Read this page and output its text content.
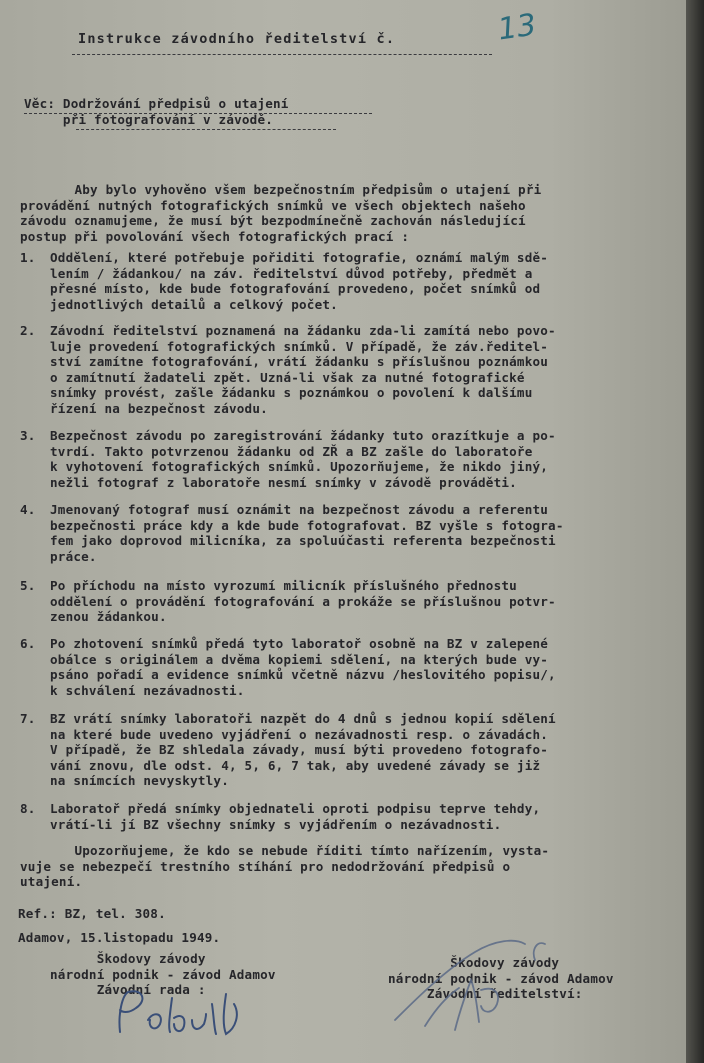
Instrukce závodního ředitelství č.	13
Věc: Dodržování předpisů o utajení
při fotografování v závodě.
Aby bylo vyhověno všem bezpečnostním předpisům o utajení při
provádění nutných fotografických snímků ve všech objektech našeho
závodu oznamujeme, že musí být bezpodmínečně zachován následující
postup při povolování všech fotografických prací :
1. Oddělení, které potřebuje pořiditi fotografie, oznámí malým sdě-
lením / žádankou/ na záv. ředitelství důvod potřeby, předmět a
přesné místo, kde bude fotografování provedeno, počet snímků od
jednotlivých detailů a celkový počet.
2. Závodní ředitelství poznamená na žádanku zda-li zamítá nebo povo-
luje provedení fotografických snímků. V případě, že záv.ředitel-
ství zamítne fotografování, vrátí žádanku s příslušnou poznámkou
o zamítnutí žadateli zpět. Uzná-li však za nutné fotografické
snímky provést, zašle žádanku s poznámkou o povolení k dalšímu
řízení na bezpečnost závodu.
3. Bezpečnost závodu po zaregistrování žádanky tuto orazítkuje a po-
tvrdí. Takto potvrzenou žádanku od ZŘ a BZ zašle do laboratoře
k vyhotovení fotografických snímků. Upozorňujeme, že nikdo jiný,
nežli fotograf z laboratoře nesmí snímky v závodě prováděti.
4. Jmenovaný fotograf musí oznámit na bezpečnost závodu a referentu
bezpečnosti práce kdy a kde bude fotografovat. BZ vyšle s fotogra-
fem jako doprovod milicníka, za spoluúčasti referenta bezpečnosti
práce.
5. Po příchodu na místo vyrozumí milicník příslušného přednostu
oddělení o provádění fotografování a prokáže se příslušnou potvr-
zenou žádankou.
6. Po zhotovení snímků předá tyto laboratoř osobně na BZ v zalepené
obálce s originálem a dvěma kopiemi sdělení, na kterých bude vy-
psáno pořadí a evidence snímků včetně názvu /heslovitého popisu/,
k schválení nezávadnosti.
7. BZ vrátí snímky laboratoři nazpět do 4 dnů s jednou kopií sdělení
na které bude uvedeno vyjádření o nezávadnosti resp. o závadách.
V případě, že BZ shledala závady, musí býti provedeno fotografo-
vání znovu, dle odst. 4, 5, 6, 7 tak, aby uvedené závady se již
na snímcích nevyskytly.
8. Laboratoř předá snímky objednateli oproti podpisu teprve tehdy,
vrátí-li jí BZ všechny snímky s vyjádřením o nezávadnosti.
Upozorňujeme, že kdo se nebude říditi tímto nařízením, vysta-
vuje se nebezpečí trestního stíhání pro nedodržování předpisů o
utajení.
Ref.: BZ, tel. 308.
Adamov, 15.listopadu 1949.
Škodovy závody
národní podnik - závod Adamov
Závodní rada :
Škodovy závody
národní podnik - závod Adamov
Závodní ředitelství:
